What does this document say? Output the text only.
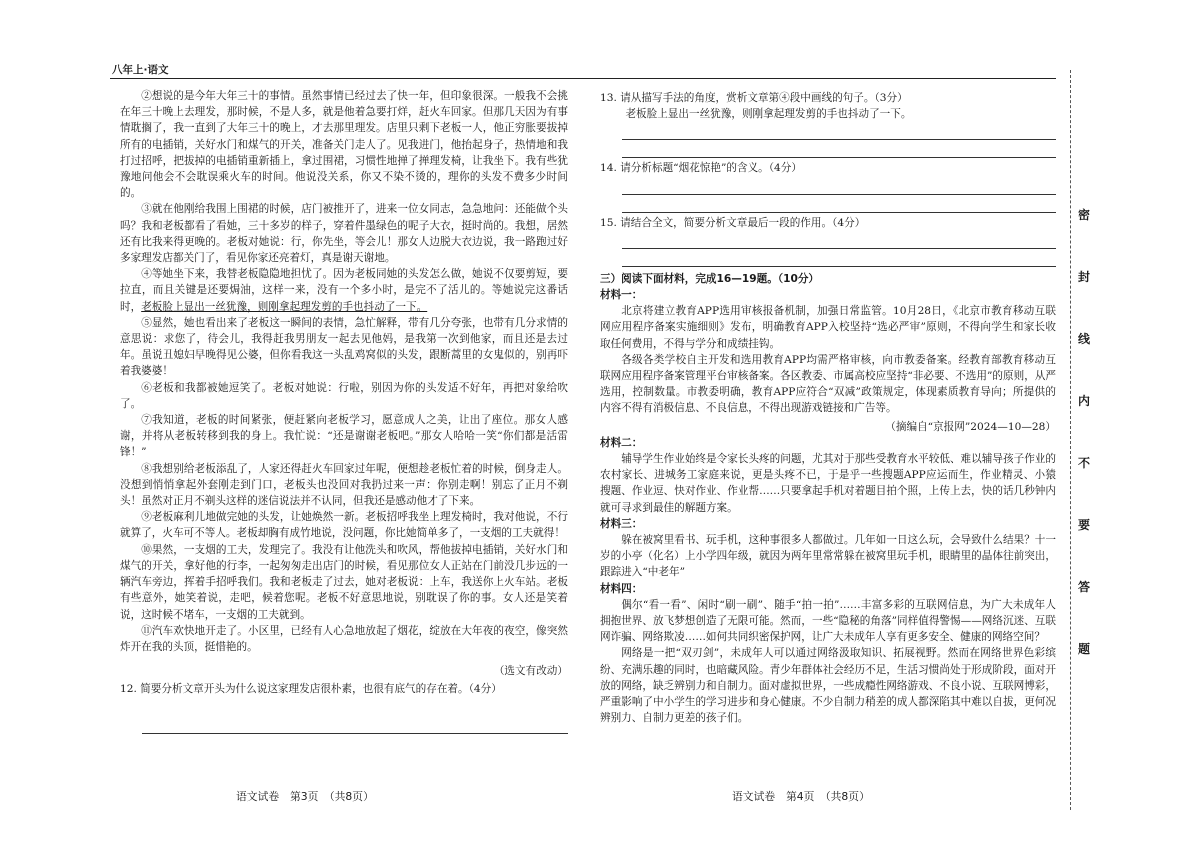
八年上·语文

②想说的是今年大年三十的事情。虽然事情已经过去了快一年，但印象很深。一般我不会挑在年三十晚上去理发，那时候，不是人多，就是他着急要打烊，赶火车回家。但那几天因为有事情耽搁了，我一直到了大年三十的晚上，才去那里理发。店里只剩下老板一人，他正穷胀要拔掉所有的电插销，关好水门和煤气的开关，准备关门走人了。见我进门，他抬起身子，热情地和我打过招呼，把拔掉的电插销重新插上，拿过围裙，习惯性地掸了掸理发椅，让我坐下。我有些犹豫地问他会不会耽误乘火车的时间。他说没关系，你又不染不烫的，理你的头发不费多少时间的。

③就在他刚给我围上围裙的时候，店门被推开了，进来一位女同志，急急地问：还能做个头吗？我和老板都看了看她，三十多岁的样子，穿着件墨绿色的呢子大衣，挺时尚的。我想，居然还有比我来得更晚的。老板对她说：行，你先坐，等会儿！那女人边脱大衣边说，我一路跑过好多家理发店都关门了，看见你家还亮着灯，真是谢天谢地。

④等她坐下来，我替老板隐隐地担忧了。因为老板同她的头发怎么做，她说不仅要剪短，要拉直，而且关键是还要焗油，这样一来，没有一个多小时，是完不了活儿的。等她说完这番话时，老板脸上显出一丝犹豫，则刚拿起理发剪的手也抖动了一下。

⑤显然，她也看出来了老板这一瞬间的表情，急忙解释，带有几分夸张，也带有几分求情的意思说：求您了，待会儿，我得赶我男朋友一起去见他妈，是我第一次到他家，而且还是去过年。虽说丑媳妇早晚得见公婆，但你看我这一头乱鸡窝似的头发，跟断蒿里的女鬼似的，别再吓着我婆婆！

⑥老板和我都被她逗笑了。老板对她说：行啦，别因为你的头发适不好年，再把对象给吹了。

⑦我知道，老板的时间紧张，便赶紧向老板学习，愿意成人之美，让出了座位。那女人感谢，并将从老板转移到我的身上。我忙说：“还是谢谢老板吧。”那女人哈哈一笑“你们都是活雷锋！”

⑧我想别给老板添乱了，人家还得赶火车回家过年呢，便想趁老板忙着的时候，倒身走人。没想到悄悄拿起外套刚走到门口，老板头也没回对我扔过来一声：你别走啊！别忘了正月不剃头！虽然对正月不剃头这样的迷信说法并不认同，但我还是感动他才了下来。

⑨老板麻利儿地做完她的头发，让她焕然一新。老板招呼我坐上理发椅时，我对他说，不行就算了，火车可不等人。老板却胸有成竹地说，没问题，你比她简单多了，一支烟的工夫就得！

⑩果然，一支烟的工夫，发理完了。我没有让他洗头和吹风，帮他拔掉电插销，关好水门和煤气的开关，拿好他的行李，一起匆匆走出店门的时候，看见那位女人正站在门前没几步远的一辆汽车旁边，挥着手招呼我们。我和老板走了过去，她对老板说：上车，我送你上火车站。老板有些意外，她笑着说，走吧，候着您呢。老板不好意思地说，别耽误了你的事。女人还是笑着说，这时候不堵车，一支烟的工夫就到。

⑪汽车欢快地开走了。小区里，已经有人心急地放起了烟花，绽放在大年夜的夜空，像突然炸开在我的头顶，挺惜艳的。

（选文有改动）

12. 简要分析文章开头为什么说这家理发店很朴素，也很有底气的存在着。（4分）

13. 请从描写手法的角度，赏析文章第④段中画线的句子。（3分）

老板脸上显出一丝犹豫，则刚拿起理发剪的手也抖动了一下。

14. 请分析标题“烟花惊艳”的含义。（4分）

15. 请结合全文，简要分析文章最后一段的作用。（4分）

三）阅读下面材料，完成16—19题。（10分）

材料一：

北京将建立教育APP选用审核报备机制，加强日常监管。10月28日，《北京市教育移动互联网应用程序备案实施细则》发布，明确教育APP入校坚持“选必严审”原则，不得向学生和家长收取任何费用，不得与学分和成绩挂钩。

各级各类学校自主开发和选用教育APP均需严格审核，向市教委备案。经教育部教育移动互联网应用程序备案管理平台审核备案。各区教委、市属高校应坚持“非必要、不选用”的原则，从严选用，控制数量。市教委明确，教育APP应符合“双减”政策规定，体现素质教育导向；所提供的内容不得有消极信息、不良信息，不得出现游戏链接和广告等。

（摘编自“京报网”2024—10—28）

材料二：

辅导学生作业始终是令家长头疼的问题，尤其对于那些受教育水平较低、难以辅导孩子作业的农村家长、进城务工家庭来说，更是头疼不已，于是乎一些搜题APP应运而生，作业精灵、小猿搜题、作业逗、快对作业、作业帮……只要拿起手机对着题目拍个照，上传上去，快的话几秒钟内就可寻求到最佳的解题方案。

材料三：

躲在被窝里看书、玩手机，这种事很多人都做过。几年如一日这么玩，会导致什么结果？十一岁的小亭（化名）上小学四年级，就因为两年里常常躲在被窝里玩手机，眼睛里的晶体往前突出，跟踪进入“中老年”

材料四：

偶尔“看一看”、闲时“刷一刷”、随手“拍一拍”……丰富多彩的互联网信息，为广大未成年人拥抱世界、放飞梦想创造了无限可能。然而，一些“隐秘的角落”同样值得警惕——网络沉迷、互联网诈骗、网络欺凌……如何共同织密保护网，让广大未成年人享有更多安全、健康的网络空间？

网络是一把“双刃剑”，未成年人可以通过网络汲取知识、拓展视野。然而在网络世界色彩缤纷、充满乐趣的同时，也暗藏风险。青少年群体社会经历不足，生活习惯尚处于形成阶段，面对开放的网络，缺乏辨别力和自制力。面对虚拟世界，一些成瘾性网络游戏、不良小说、互联网博彩，严重影响了中小学生的学习进步和身心健康。不少自制力稍差的成人都深陷其中难以自拔，更何况辨别力、自制力更差的孩子们。

语文试卷　第3页　（共8页）	语文试卷　第4页　（共8页）
密
封
线
内
不
要
答
题
